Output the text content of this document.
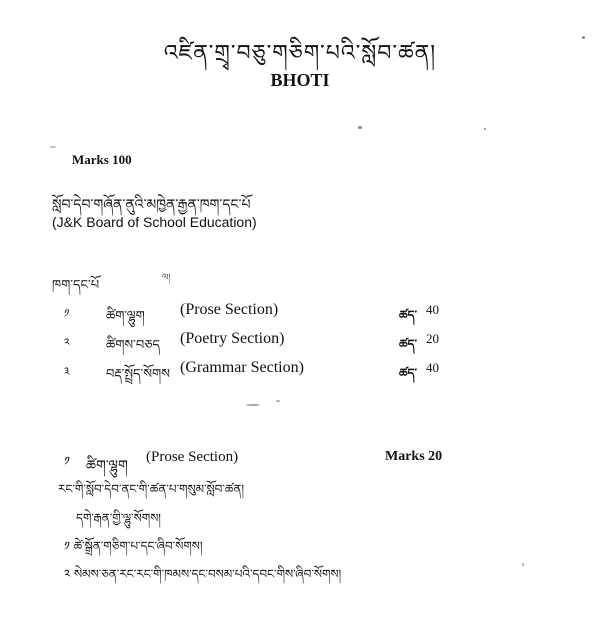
འཛིན་གྲྭ་བཅུ་གཅིག་པའི་སློབ་ཚན།
BHOTI
Marks 100
སློབ་དེབ་གཞོན་ནུའི་མཁྱེན་རྒྱན་ཁག་དང་པོ
(J&K Board of School Education)
ཁག་དང་པོ	ལ།
༡	ཚིག་ལྷུག (Prose Section)	ཚད་ 40
༢	ཚིགས་བཅད (Poetry Section)	ཚད་ 20
༣	བརྡ་སྤྲོད་སོགས (Grammar Section)	ཚད་ 40
༡ ཚིག་ལྷུག
(Prose Section)	Marks 20
རང་གི་སློབ་དེབ་ནང་གི་ཚན་པ་གསུམ་སློབ་ཚན།
དགེ་རྒན་གྱི་ལྷུ་སོགས།
༡ ཚེ་སྒྲོན་གཅིག་པ་དང་ཞིབ་སོགས།
༢ སེམས་ཅན་རང་རང་གི་ཁམས་དང་བསམ་པའི་དབང་གིས་ཞིབ་སོགས།
